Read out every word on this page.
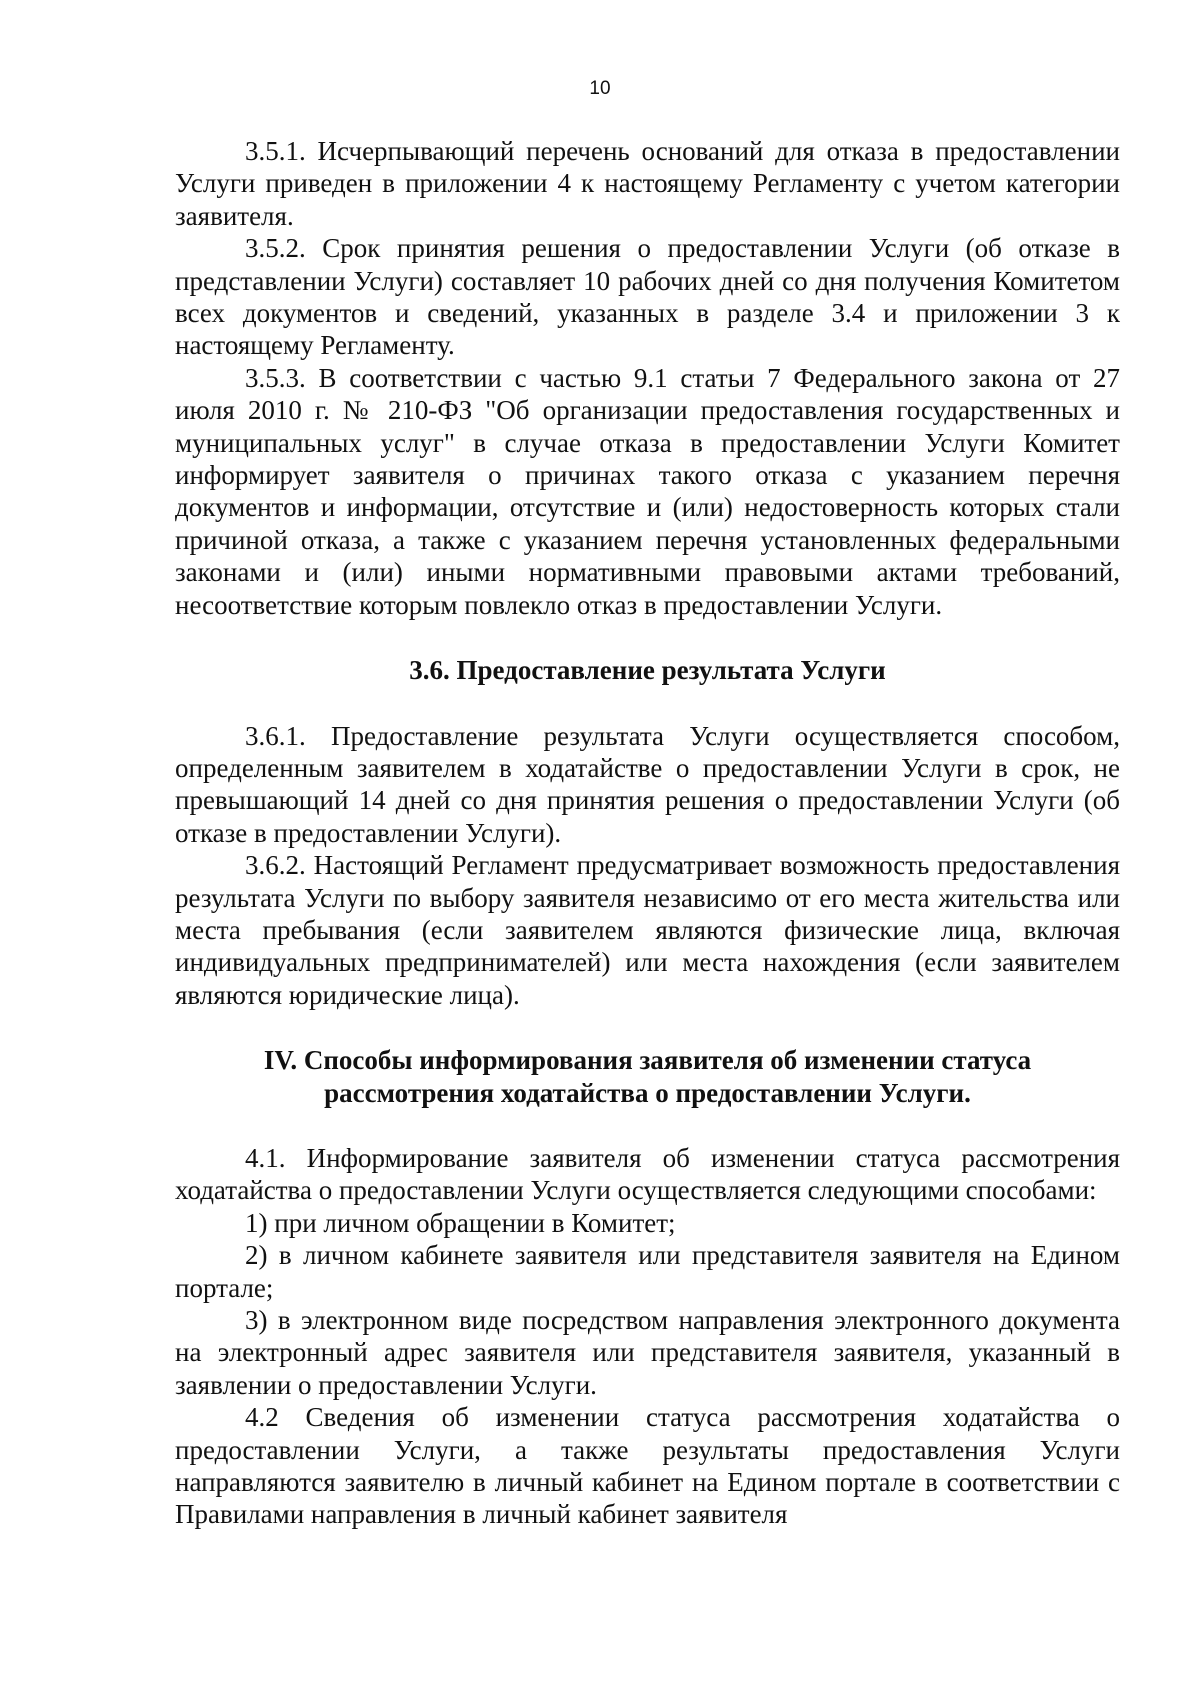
10

3.5.1. Исчерпывающий перечень оснований для отказа в предоставлении Услуги приведен в приложении 4 к настоящему Регламенту с учетом категории заявителя.

3.5.2. Срок принятия решения о предоставлении Услуги (об отказе в представлении Услуги) составляет 10 рабочих дней со дня получения Комитетом всех документов и сведений, указанных в разделе 3.4 и приложении 3 к настоящему Регламенту.

3.5.3. В соответствии с частью 9.1 статьи 7 Федерального закона от 27 июля 2010 г. № 210-ФЗ "Об организации предоставления государственных и муниципальных услуг" в случае отказа в предоставлении Услуги Комитет информирует заявителя о причинах такого отказа с указанием перечня документов и информации, отсутствие и (или) недостоверность которых стали причиной отказа, а также с указанием перечня установленных федеральными законами и (или) иными нормативными правовыми актами требований, несоответствие которым повлекло отказ в предоставлении Услуги.

3.6. Предоставление результата Услуги

3.6.1. Предоставление результата Услуги осуществляется способом, определенным заявителем в ходатайстве о предоставлении Услуги в срок, не превышающий 14 дней со дня принятия решения о предоставлении Услуги (об отказе в предоставлении Услуги).

3.6.2. Настоящий Регламент предусматривает возможность предоставления результата Услуги по выбору заявителя независимо от его места жительства или места пребывания (если заявителем являются физические лица, включая индивидуальных предпринимателей) или места нахождения (если заявителем являются юридические лица).

IV. Способы информирования заявителя об изменении статуса

рассмотрения ходатайства о предоставлении Услуги.

4.1. Информирование заявителя об изменении статуса рассмотрения ходатайства о предоставлении Услуги осуществляется следующими способами:

1) при личном обращении в Комитет;

2) в личном кабинете заявителя или представителя заявителя на Едином портале;

3) в электронном виде посредством направления электронного документа на электронный адрес заявителя или представителя заявителя, указанный в заявлении о предоставлении Услуги.

4.2 Сведения об изменении статуса рассмотрения ходатайства о предоставлении Услуги, а также результаты предоставления Услуги направляются заявителю в личный кабинет на Едином портале в соответствии с Правилами направления в личный кабинет заявителя
